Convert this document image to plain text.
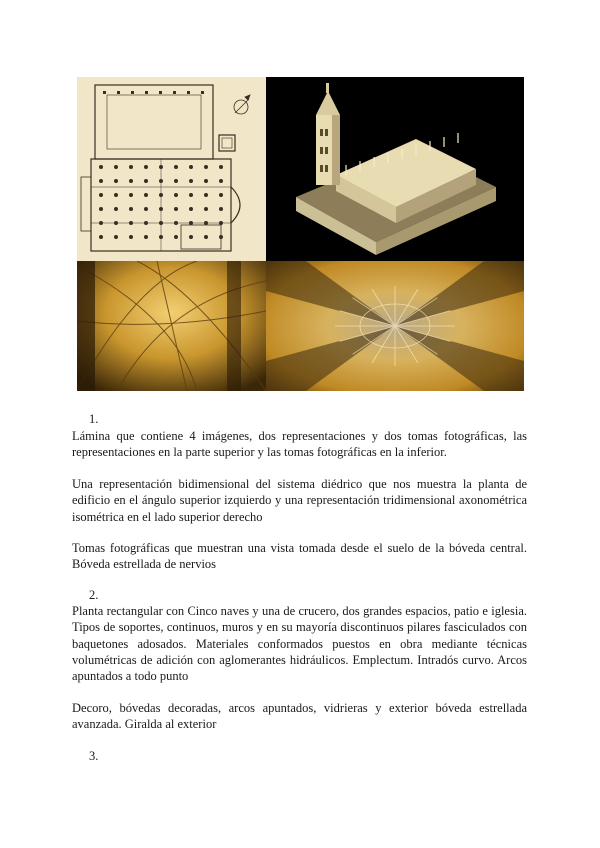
1.

Lámina que contiene 4 imágenes, dos representaciones y dos tomas fotográficas, las representaciones en la parte superior y las tomas fotográficas en la inferior.

Una representación bidimensional del sistema diédrico que nos muestra la planta de edificio en el ángulo superior izquierdo y una representación tridimensional axonométrica isométrica en el lado superior derecho

Tomas fotográficas que muestran una vista tomada desde el suelo de la bóveda central. Bóveda estrellada de nervios

2.

Planta rectangular con Cinco naves y una de crucero, dos grandes espacios, patio e iglesia. Tipos de soportes, continuos, muros y en su mayoría discontinuos pilares fasciculados con baquetones adosados. Materiales conformados puestos en obra mediante técnicas volumétricas de adición con aglomerantes hidráulicos. Emplectum. Intradós curvo. Arcos apuntados a todo punto

Decoro, bóvedas decoradas, arcos apuntados, vidrieras y exterior bóveda estrellada avanzada. Giralda al exterior

3.
